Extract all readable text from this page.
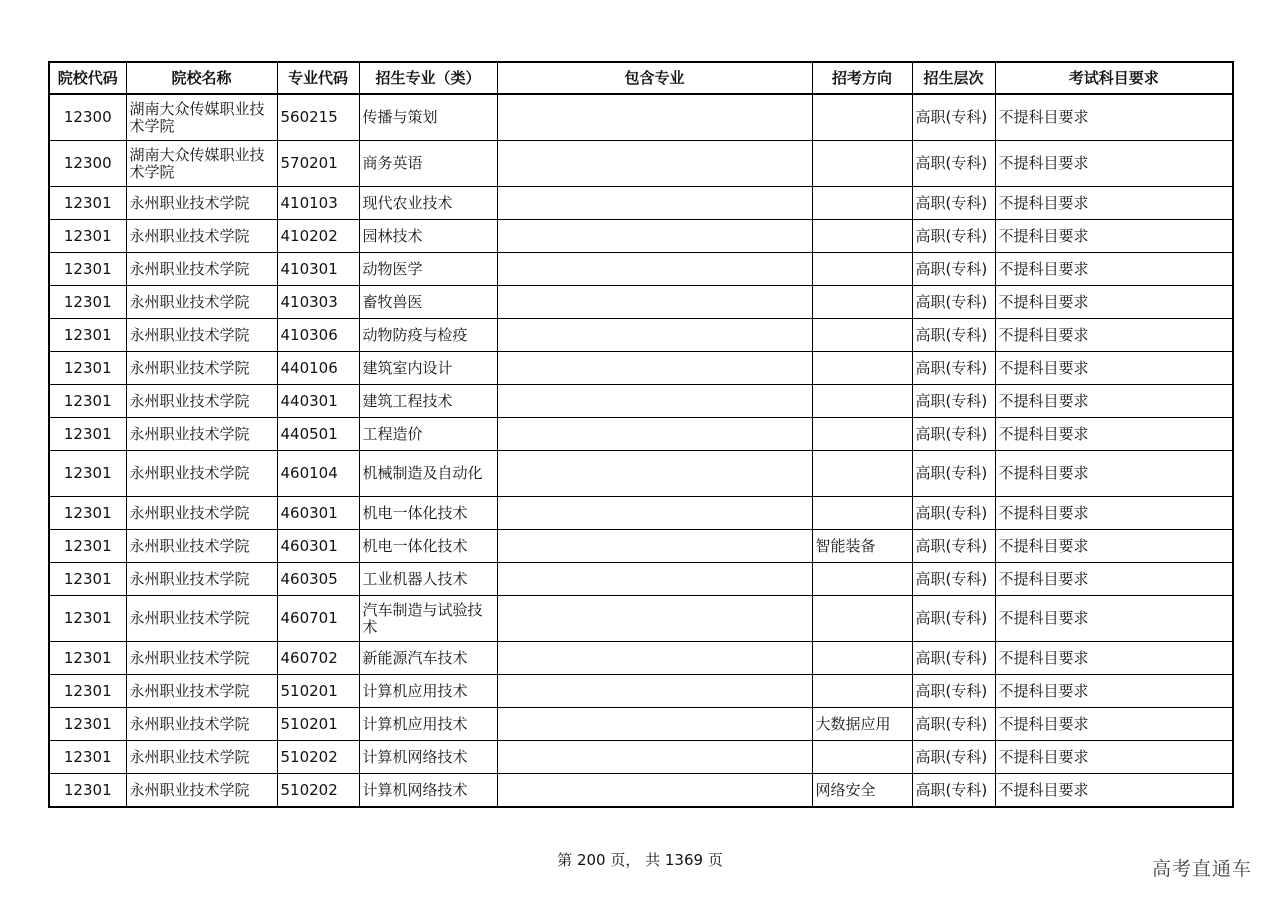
院校代码	院校名称	专业代码	招生专业（类）	包含专业	招考方向	招生层次	考试科目要求
12300	湖南大众传媒职业技术学院	560215	传播与策划			高职(专科)	不提科目要求
12300	湖南大众传媒职业技术学院	570201	商务英语			高职(专科)	不提科目要求
12301	永州职业技术学院	410103	现代农业技术			高职(专科)	不提科目要求
12301	永州职业技术学院	410202	园林技术			高职(专科)	不提科目要求
12301	永州职业技术学院	410301	动物医学			高职(专科)	不提科目要求
12301	永州职业技术学院	410303	畜牧兽医			高职(专科)	不提科目要求
12301	永州职业技术学院	410306	动物防疫与检疫			高职(专科)	不提科目要求
12301	永州职业技术学院	440106	建筑室内设计			高职(专科)	不提科目要求
12301	永州职业技术学院	440301	建筑工程技术			高职(专科)	不提科目要求
12301	永州职业技术学院	440501	工程造价			高职(专科)	不提科目要求
12301	永州职业技术学院	460104	机械制造及自动化			高职(专科)	不提科目要求
12301	永州职业技术学院	460301	机电一体化技术			高职(专科)	不提科目要求
12301	永州职业技术学院	460301	机电一体化技术		智能装备	高职(专科)	不提科目要求
12301	永州职业技术学院	460305	工业机器人技术			高职(专科)	不提科目要求
12301	永州职业技术学院	460701	汽车制造与试验技术			高职(专科)	不提科目要求
12301	永州职业技术学院	460702	新能源汽车技术			高职(专科)	不提科目要求
12301	永州职业技术学院	510201	计算机应用技术			高职(专科)	不提科目要求
12301	永州职业技术学院	510201	计算机应用技术		大数据应用	高职(专科)	不提科目要求
12301	永州职业技术学院	510202	计算机网络技术			高职(专科)	不提科目要求
12301	永州职业技术学院	510202	计算机网络技术		网络安全	高职(专科)	不提科目要求
第 200 页， 共 1369 页	高考直通车
